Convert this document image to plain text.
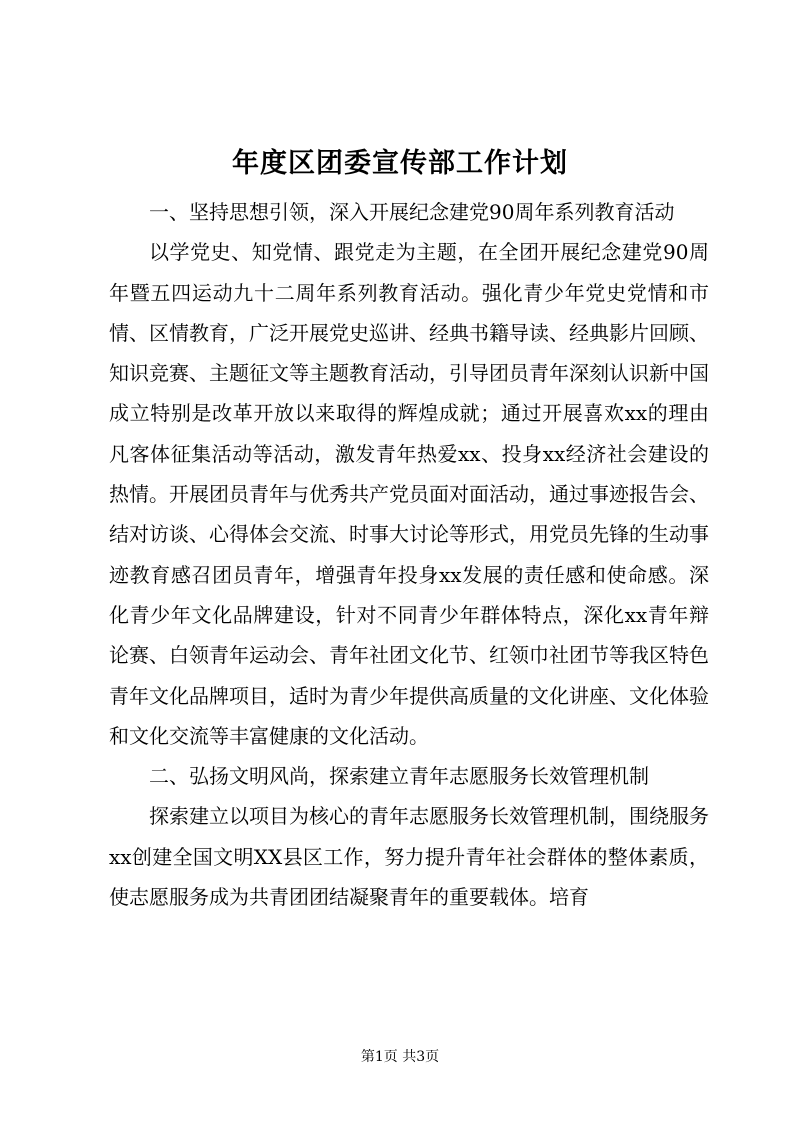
年度区团委宣传部工作计划

一、坚持思想引领，深入开展纪念建党90周年系列教育活动

以学党史、知党情、跟党走为主题，在全团开展纪念建党90周年暨五四运动九十二周年系列教育活动。强化青少年党史党情和市情、区情教育，广泛开展党史巡讲、经典书籍导读、经典影片回顾、知识竞赛、主题征文等主题教育活动，引导团员青年深刻认识新中国成立特别是改革开放以来取得的辉煌成就；通过开展喜欢xx的理由凡客体征集活动等活动，激发青年热爱xx、投身xx经济社会建设的热情。开展团员青年与优秀共产党员面对面活动，通过事迹报告会、结对访谈、心得体会交流、时事大讨论等形式，用党员先锋的生动事迹教育感召团员青年，增强青年投身xx发展的责任感和使命感。深化青少年文化品牌建设，针对不同青少年群体特点，深化xx青年辩论赛、白领青年运动会、青年社团文化节、红领巾社团节等我区特色青年文化品牌项目，适时为青少年提供高质量的文化讲座、文化体验和文化交流等丰富健康的文化活动。

二、弘扬文明风尚，探索建立青年志愿服务长效管理机制

探索建立以项目为核心的青年志愿服务长效管理机制，围绕服务xx创建全国文明XX县区工作，努力提升青年社会群体的整体素质，使志愿服务成为共青团团结凝聚青年的重要载体。培育

第1页 共3页
